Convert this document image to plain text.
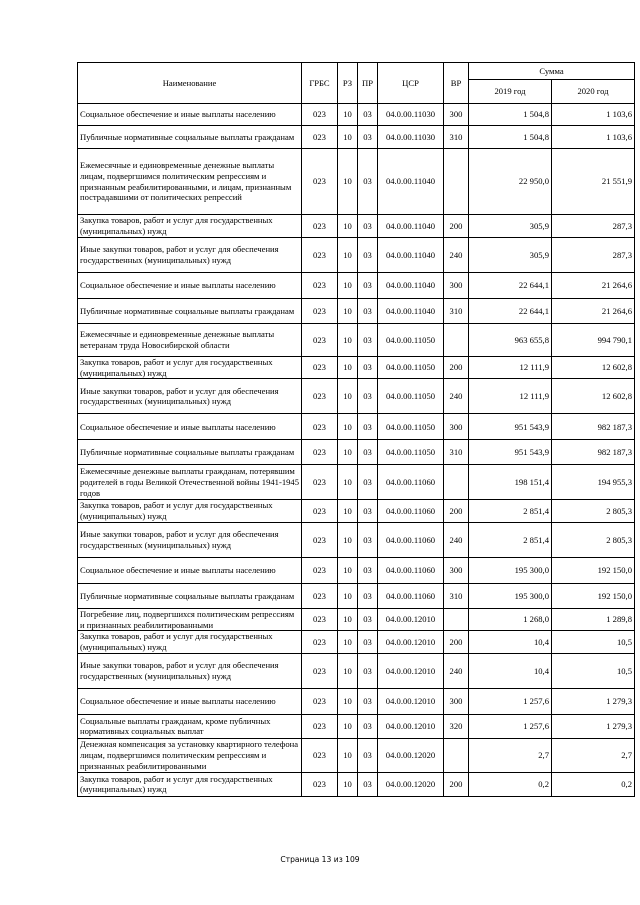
Наименование	ГРБС	РЗ	ПР	ЦСР	ВР	Сумма	
						2019 год	2020 год
Социальное обеспечение и иные выплаты населению	023	10	03	04.0.00.11030	300	1 504,8	1 103,6
Публичные нормативные социальные выплаты гражданам	023	10	03	04.0.00.11030	310	1 504,8	1 103,6
Ежемесячные и единовременные денежные выплаты лицам, подвергшимся политическим репрессиям и признанным реабилитированными, и лицам, признанным пострадавшими от политических репрессий	023	10	03	04.0.00.11040		22 950,0	21 551,9
Закупка товаров, работ и услуг для государственных (муниципальных) нужд	023	10	03	04.0.00.11040	200	305,9	287,3
Иные закупки товаров, работ и услуг для обеспечения государственных (муниципальных) нужд	023	10	03	04.0.00.11040	240	305,9	287,3
Социальное обеспечение и иные выплаты населению	023	10	03	04.0.00.11040	300	22 644,1	21 264,6
Публичные нормативные социальные выплаты гражданам	023	10	03	04.0.00.11040	310	22 644,1	21 264,6
Ежемесячные и единовременные денежные выплаты ветеранам труда Новосибирской области	023	10	03	04.0.00.11050		963 655,8	994 790,1
Закупка товаров, работ и услуг для государственных (муниципальных) нужд	023	10	03	04.0.00.11050	200	12 111,9	12 602,8
Иные закупки товаров, работ и услуг для обеспечения государственных (муниципальных) нужд	023	10	03	04.0.00.11050	240	12 111,9	12 602,8
Социальное обеспечение и иные выплаты населению	023	10	03	04.0.00.11050	300	951 543,9	982 187,3
Публичные нормативные социальные выплаты гражданам	023	10	03	04.0.00.11050	310	951 543,9	982 187,3
Ежемесячные денежные выплаты гражданам, потерявшим родителей в годы Великой Отечественной войны 1941-1945 годов	023	10	03	04.0.00.11060		198 151,4	194 955,3
Закупка товаров, работ и услуг для государственных (муниципальных) нужд	023	10	03	04.0.00.11060	200	2 851,4	2 805,3
Иные закупки товаров, работ и услуг для обеспечения государственных (муниципальных) нужд	023	10	03	04.0.00.11060	240	2 851,4	2 805,3
Социальное обеспечение и иные выплаты населению	023	10	03	04.0.00.11060	300	195 300,0	192 150,0
Публичные нормативные социальные выплаты гражданам	023	10	03	04.0.00.11060	310	195 300,0	192 150,0
Погребение лиц, подвергшихся политическим репрессиям и признанных реабилитированными	023	10	03	04.0.00.12010		1 268,0	1 289,8
Закупка товаров, работ и услуг для государственных (муниципальных) нужд	023	10	03	04.0.00.12010	200	10,4	10,5
Иные закупки товаров, работ и услуг для обеспечения государственных (муниципальных) нужд	023	10	03	04.0.00.12010	240	10,4	10,5
Социальное обеспечение и иные выплаты населению	023	10	03	04.0.00.12010	300	1 257,6	1 279,3
Социальные выплаты гражданам, кроме публичных нормативных социальных выплат	023	10	03	04.0.00.12010	320	1 257,6	1 279,3
Денежная компенсация за установку квартирного телефона лицам, подвергшимся политическим репрессиям и признанных реабилитированными	023	10	03	04.0.00.12020		2,7	2,7
Закупка товаров, работ и услуг для государственных (муниципальных) нужд	023	10	03	04.0.00.12020	200	0,2	0,2
Страница 13 из 109
